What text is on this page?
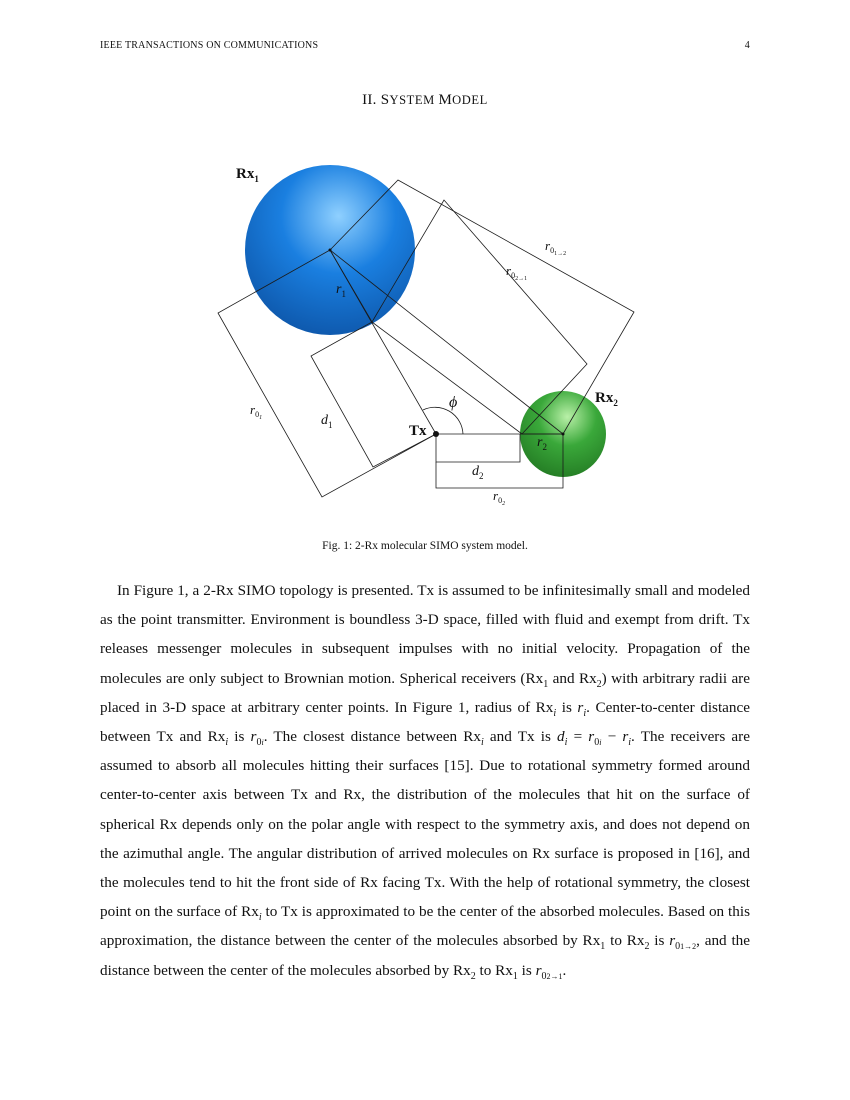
IEEE TRANSACTIONS ON COMMUNICATIONS	4
II. SYSTEM MODEL
$Rx_1$
$Rx_2$
Tx
ϕ
$r_1$
$r_2$
$d_1$
$d_2$
$r_01$
$r_02$
$r_01\to 2$
$r_02\to 1$
Fig. 1: 2-Rx molecular SIMO system model.

In Figure 1, a 2-Rx SIMO topology is presented. Tx is assumed to be infinitesimally small and modeled as the point transmitter. Environment is boundless 3-D space, filled with fluid and exempt from drift. Tx releases messenger molecules in subsequent impulses with no initial velocity. Propagation of the molecules are only subject to Brownian motion. Spherical receivers ($Rx_1$ and $Rx_2$) with arbitrary radii are placed in 3-D space at arbitrary center points. In Figure 1, radius of $Rx_i$ is $r_i$. Center-to-center distance between Tx and $Rx_i$ is $r_{0i}$. The closest distance between $Rx_i$ and Tx is $d_i = r_{0i} - r_i$. The receivers are assumed to absorb all molecules hitting their surfaces [15]. Due to rotational symmetry formed around center-to-center axis between Tx and Rx, the distribution of the molecules that hit on the surface of spherical Rx depends only on the polar angle with respect to the symmetry axis, and does not depend on the azimuthal angle. The angular distribution of arrived molecules on Rx surface is proposed in [16], and the molecules tend to hit the front side of Rx facing Tx. With the help of rotational symmetry, the closest point on the surface of $Rx_i$ to Tx is approximated to be the center of the absorbed molecules. Based on this approximation, the distance between the center of the molecules absorbed by $Rx_1$ to $Rx_2$ is $r_{01\to 2}$, and the distance between the center of the molecules absorbed by $Rx_2$ to $Rx_1$ is $r_{02\to 1}$.
